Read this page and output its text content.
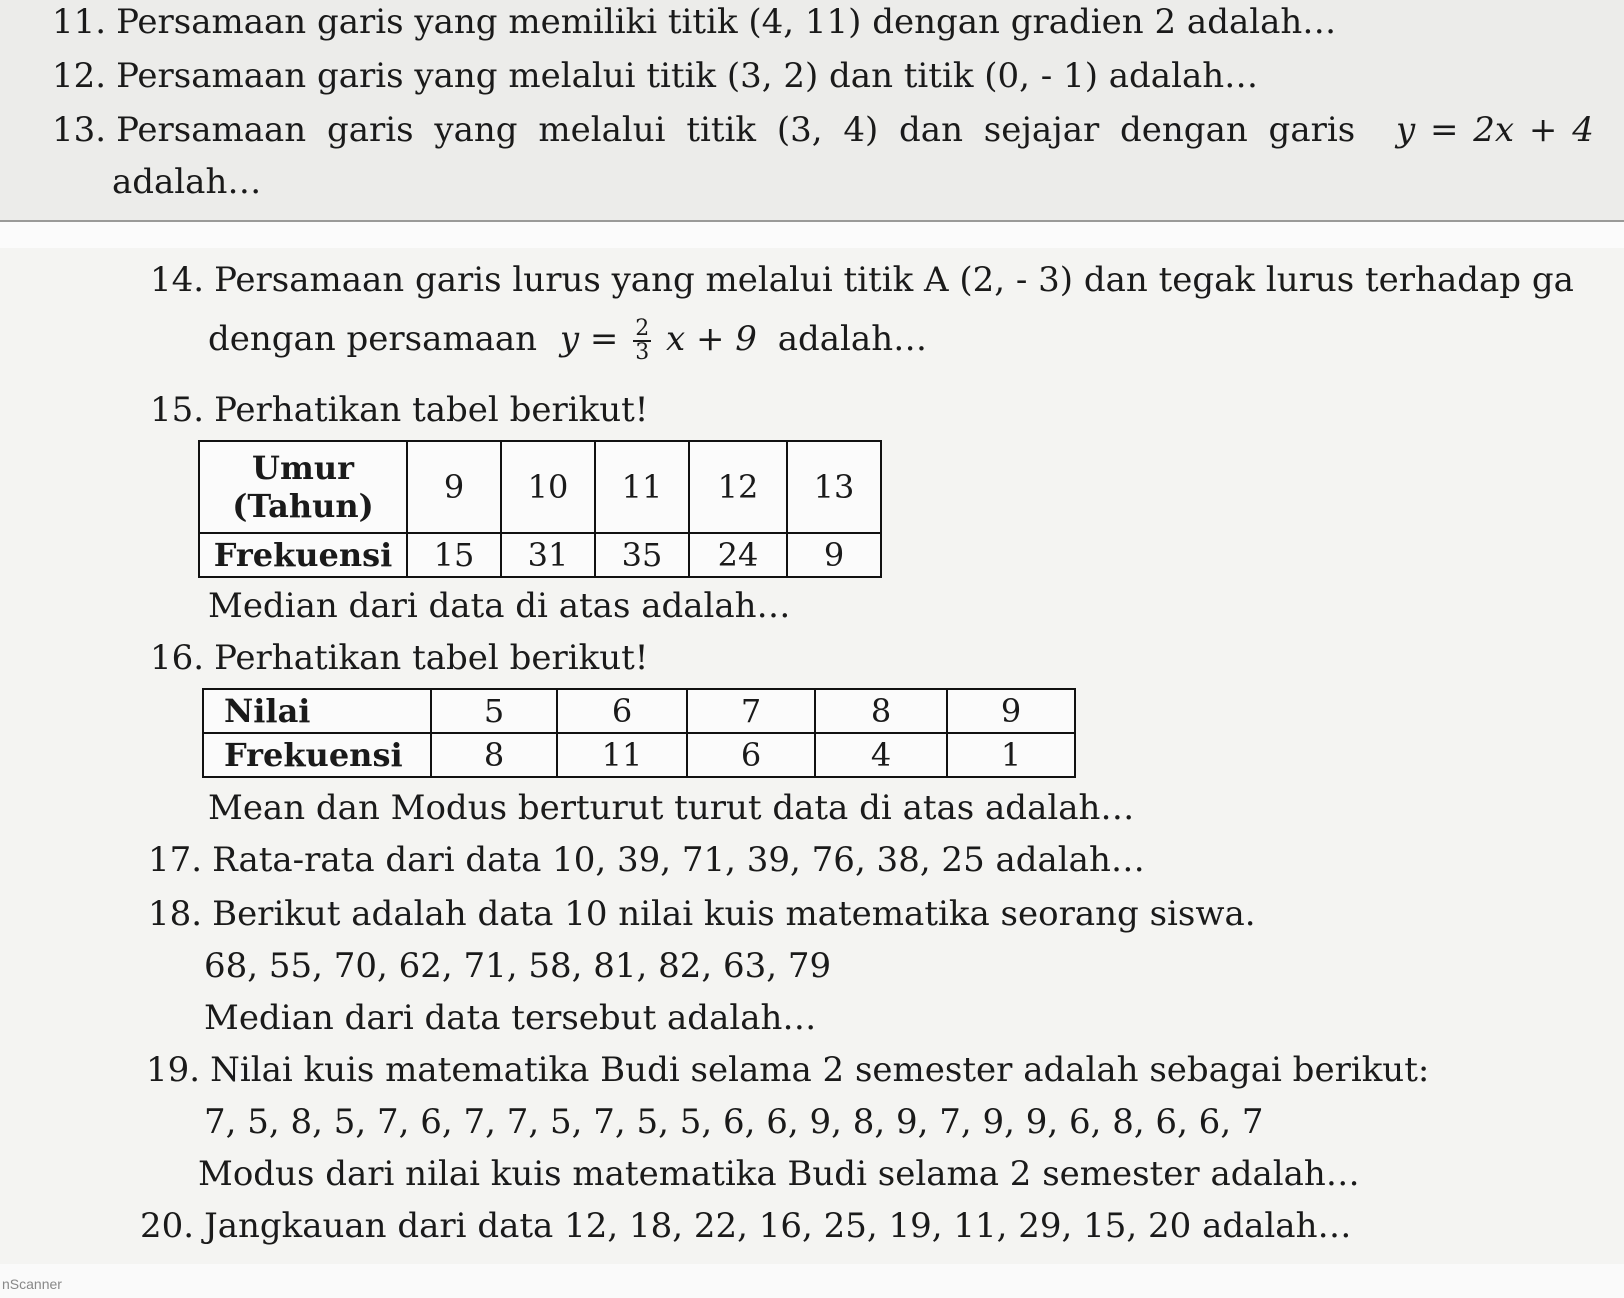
11. Persamaan garis yang memiliki titik (4, 11) dengan gradien 2 adalah…
12. Persamaan garis yang melalui titik (3, 2) dan titik (0, - 1) adalah…
13. Persamaan garis yang melalui titik (3, 4) dan sejajar dengan garis y = 2x + 4
adalah…
14. Persamaan garis lurus yang melalui titik A (2, - 3) dan tegak lurus terhadap ga
dengan persamaan $y = \frac{2}{3}$ x + 9 adalah…
15. Perhatikan tabel berikut!
Umur (Tahun)	9	10	11	12	13
Frekuensi	15	31	35	24	9
Median dari data di atas adalah…
16. Perhatikan tabel berikut!
Nilai	5	6	7	8	9
Frekuensi	8	11	6	4	1
Mean dan Modus berturut turut data di atas adalah…
17. Rata-rata dari data 10, 39, 71, 39, 76, 38, 25 adalah…
18. Berikut adalah data 10 nilai kuis matematika seorang siswa.
68, 55, 70, 62, 71, 58, 81, 82, 63, 79
Median dari data tersebut adalah…
19. Nilai kuis matematika Budi selama 2 semester adalah sebagai berikut:
7, 5, 8, 5, 7, 6, 7, 7, 5, 7, 5, 5, 6, 6, 9, 8, 9, 7, 9, 9, 6, 8, 6, 6, 7
Modus dari nilai kuis matematika Budi selama 2 semester adalah…
20. Jangkauan dari data 12, 18, 22, 16, 25, 19, 11, 29, 15, 20 adalah…
nScanner
